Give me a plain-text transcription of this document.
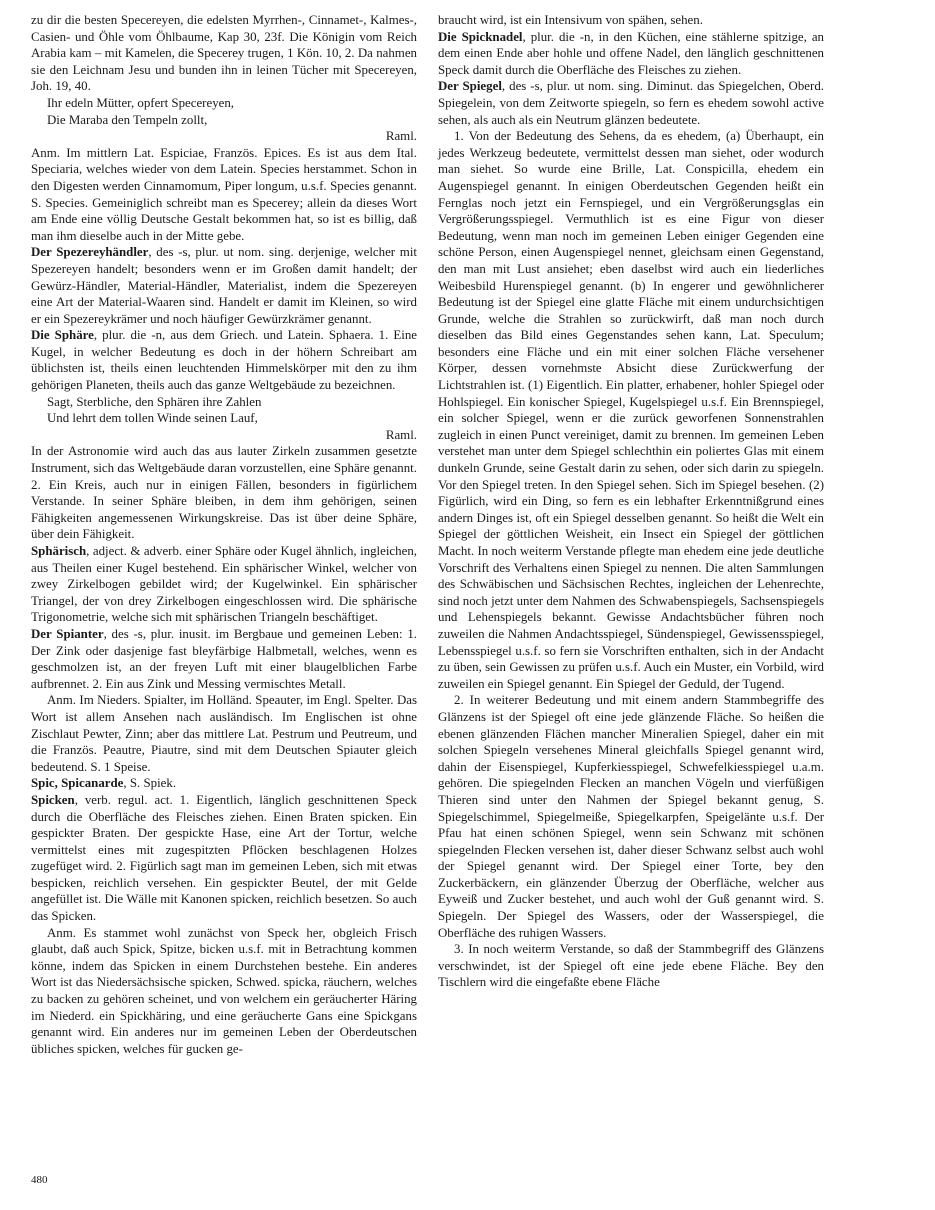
zu dir die besten Specereyen, die edelsten Myrrhen-, Cinnamet-, Kalmes-, Casien- und Öhle vom Öhlbaume, Kap 30, 23f. Die Königin vom Reich Arabia kam – mit Kamelen, die Specerey trugen, 1 Kön. 10, 2. Da nahmen sie den Leichnam Jesu und bunden ihn in leinen Tücher mit Specereyen, Joh. 19, 40.

Ihr edeln Mütter, opfert Specereyen,

Die Maraba den Tempeln zollt,

Raml.

Anm. Im mittlern Lat. Espiciae, Französ. Epices. Es ist aus dem Ital. Speciaria, welches wieder von dem Latein. Species herstammet. Schon in den Digesten werden Cinnamomum, Piper longum, u.s.f. Species genannt. S. Species. Gemeiniglich schreibt man es Specerey; allein da dieses Wort am Ende eine völlig Deutsche Gestalt bekommen hat, so ist es billig, daß man ihm dieselbe auch in der Mitte gebe.

Der Spezereyhändler, des -s, plur. ut nom. sing. derjenige, welcher mit Spezereyen handelt; besonders wenn er im Großen damit handelt; der Gewürz-Händler, Material-Händler, Materialist, indem die Spezereyen eine Art der Material-Waaren sind. Handelt er damit im Kleinen, so wird er ein Spezereykrämer und noch häufiger Gewürzkrämer genannt.

Die Sphäre, plur. die -n, aus dem Griech. und Latein. Sphaera. 1. Eine Kugel, in welcher Bedeutung es doch in der höhern Schreibart am üblichsten ist, theils einen leuchtenden Himmelskörper mit den zu ihm gehörigen Planeten, theils auch das ganze Weltgebäude zu bezeichnen.

Sagt, Sterbliche, den Sphären ihre Zahlen

Und lehrt dem tollen Winde seinen Lauf,

Raml.

In der Astronomie wird auch das aus lauter Zirkeln zusammen gesetzte Instrument, sich das Weltgebäude daran vorzustellen, eine Sphäre genannt. 2. Ein Kreis, auch nur in einigen Fällen, besonders in figürlichem Verstande. In seiner Sphäre bleiben, in dem ihm gehörigen, seinen Fähigkeiten angemessenen Wirkungskreise. Das ist über deine Sphäre, über dein Fähigkeit.

Sphärisch, adject. & adverb. einer Sphäre oder Kugel ähnlich, ingleichen, aus Theilen einer Kugel bestehend. Ein sphärischer Winkel, welcher von zwey Zirkelbogen gebildet wird; der Kugelwinkel. Ein sphärischer Triangel, der von drey Zirkelbogen eingeschlossen wird. Die sphärische Trigonometrie, welche sich mit sphärischen Triangeln beschäftiget.

Der Spianter, des -s, plur. inusit. im Bergbaue und gemeinen Leben: 1. Der Zink oder dasjenige fast bleyfärbige Halbmetall, welches, wenn es geschmolzen ist, an der freyen Luft mit einer blaugelblichen Farbe aufbrennet. 2. Ein aus Zink und Messing vermischtes Metall.

Anm. Im Nieders. Spialter, im Holländ. Speauter, im Engl. Spelter. Das Wort ist allem Ansehen nach ausländisch. Im Englischen ist ohne Zischlaut Pewter, Zinn; aber das mittlere Lat. Pestrum und Peutreum, und die Französ. Peautre, Piautre, sind mit dem Deutschen Spiauter gleich bedeutend. S. 1 Speise.

Spic, Spicanarde, S. Spiek.

Spicken, verb. regul. act. 1. Eigentlich, länglich geschnittenen Speck durch die Oberfläche des Fleisches ziehen. Einen Braten spicken. Ein gespickter Braten. Der gespickte Hase, eine Art der Tortur, welche vermittelst eines mit zugespitzten Pflöcken beschlagenen Holzes zugefüget wird. 2. Figürlich sagt man im gemeinen Leben, sich mit etwas bespicken, reichlich versehen. Ein gespickter Beutel, der mit Gelde angefüllet ist. Die Wälle mit Kanonen spicken, reichlich besetzen. So auch das Spicken.

Anm. Es stammet wohl zunächst von Speck her, obgleich Frisch glaubt, daß auch Spick, Spitze, bicken u.s.f. mit in Betrachtung kommen könne, indem das Spicken in einem Durchstehen bestehe. Ein anderes Wort ist das Niedersächsische spicken, Schwed. spicka, räuchern, welches zu backen zu gehören scheinet, und von welchem ein geräucherter Häring im Niederd. ein Spickhäring, und eine geräucherte Gans eine Spickgans genannt wird. Ein anderes nur im gemeinen Leben der Oberdeutschen übliches spicken, welches für gucken ge-

braucht wird, ist ein Intensivum von spähen, sehen.

Die Spicknadel, plur. die -n, in den Küchen, eine stählerne spitzige, an dem einen Ende aber hohle und offene Nadel, den länglich geschnittenen Speck damit durch die Oberfläche des Fleisches zu ziehen.

Der Spiegel, des -s, plur. ut nom. sing. Diminut. das Spiegelchen, Oberd. Spiegelein, von dem Zeitworte spiegeln, so fern es ehedem sowohl active sehen, als auch als ein Neutrum glänzen bedeutete.

1. Von der Bedeutung des Sehens, da es ehedem, (a) Überhaupt, ein jedes Werkzeug bedeutete, vermittelst dessen man siehet, oder wodurch man siehet. So wurde eine Brille, Lat. Conspicilla, ehedem ein Augenspiegel genannt. In einigen Oberdeutschen Gegenden heißt ein Fernglas noch jetzt ein Fernspiegel, und ein Vergrößerungsglas ein Vergrößerungsspiegel. Vermuthlich ist es eine Figur von dieser Bedeutung, wenn man noch im gemeinen Leben einiger Gegenden eine schöne Person, einen Augenspiegel nennet, gleichsam einen Gegenstand, den man mit Lust ansiehet; eben daselbst wird auch ein liederliches Weibesbild Hurenspiegel genannt. (b) In engerer und gewöhnlicherer Bedeutung ist der Spiegel eine glatte Fläche mit einem undurchsichtigen Grunde, welche die Strahlen so zurückwirft, daß man noch durch dieselben das Bild eines Gegenstandes sehen kann, Lat. Speculum; besonders eine Fläche und ein mit einer solchen Fläche versehener Körper, dessen vornehmste Absicht diese Zurückwerfung der Lichtstrahlen ist. (1) Eigentlich. Ein platter, erhabener, hohler Spiegel oder Hohlspiegel. Ein konischer Spiegel, Kugelspiegel u.s.f. Ein Brennspiegel, ein solcher Spiegel, wenn er die zurück geworfenen Sonnenstrahlen zugleich in einen Punct vereiniget, damit zu brennen. Im gemeinen Leben verstehet man unter dem Spiegel schlechthin ein poliertes Glas mit einem dunkeln Grunde, seine Gestalt darin zu sehen, oder sich darin zu spiegeln. Vor den Spiegel treten. In den Spiegel sehen. Sich im Spiegel besehen. (2) Figürlich, wird ein Ding, so fern es ein lebhafter Erkenntnißgrund eines andern Dinges ist, oft ein Spiegel desselben genannt. So heißt die Welt ein Spiegel der göttlichen Weisheit, ein Insect ein Spiegel der göttlichen Macht. In noch weiterm Verstande pflegte man ehedem eine jede deutliche Vorschrift des Verhaltens einen Spiegel zu nennen. Die alten Sammlungen des Schwäbischen und Sächsischen Rechtes, ingleichen der Lehenrechte, sind noch jetzt unter dem Nahmen des Schwabenspiegels, Sachsenspiegels und Lehenspiegels bekannt. Gewisse Andachtsbücher führen noch zuweilen die Nahmen Andachtsspiegel, Sündenspiegel, Gewissensspiegel, Lebensspiegel u.s.f. so fern sie Vorschriften enthalten, sich in der Andacht zu üben, sein Gewissen zu prüfen u.s.f. Auch ein Muster, ein Vorbild, wird zuweilen ein Spiegel genannt. Ein Spiegel der Geduld, der Tugend.

2. In weiterer Bedeutung und mit einem andern Stammbegriffe des Glänzens ist der Spiegel oft eine jede glänzende Fläche. So heißen die ebenen glänzenden Flächen mancher Mineralien Spiegel, daher ein mit solchen Spiegeln versehenes Mineral gleichfalls Spiegel genannt wird, dahin der Eisenspiegel, Kupferkiesspiegel, Schwefelkiesspiegel u.a.m. gehören. Die spiegelnden Flecken an manchen Vögeln und vierfüßigen Thieren sind unter den Nahmen der Spiegel bekannt genug, S. Spiegelschimmel, Spiegelmeiße, Spiegelkarpfen, Speigelänte u.s.f. Der Pfau hat einen schönen Spiegel, wenn sein Schwanz mit schönen spiegelnden Flecken versehen ist, daher dieser Schwanz selbst auch wohl der Spiegel genannt wird. Der Spiegel einer Torte, bey den Zuckerbäckern, ein glänzender Überzug der Oberfläche, welcher aus Eyweiß und Zucker bestehet, und auch wohl der Guß genannt wird. S. Spiegeln. Der Spiegel des Wassers, oder der Wasserspiegel, die Oberfläche des ruhigen Wassers.

3. In noch weiterm Verstande, so daß der Stammbegriff des Glänzens verschwindet, ist der Spiegel oft eine jede ebene Fläche. Bey den Tischlern wird die eingefaßte ebene Fläche

480
